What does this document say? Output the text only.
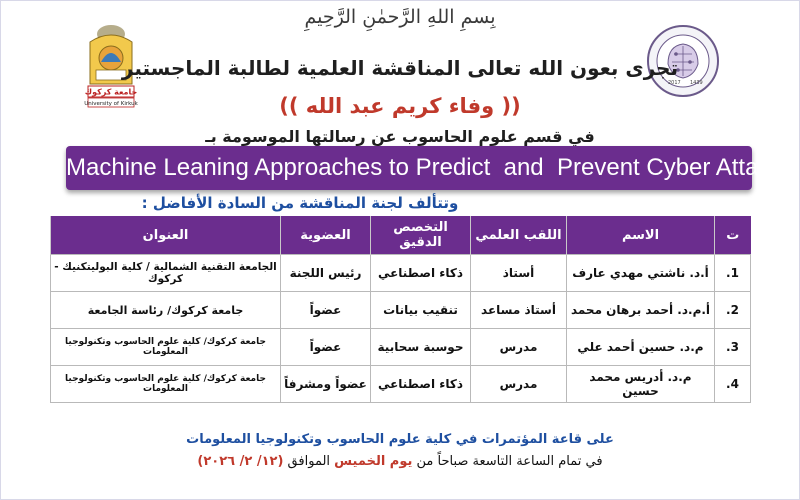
جامعة كركوك
University of Kirkuk
2017 1439
بِسمِ اللهِ الرَّحمٰنِ الرَّحِيمِ
تجرى بعون الله تعالى المناقشة العلمية لطالبة الماجستير
(( وفاء كريم عبد الله ))
في قسم علوم الحاسوب عن رسالتها الموسومة بـ
Machine Leaning Approaches to Predict  and  Prevent Cyber Attacks
وتتألف لجنة المناقشة من السادة الأفاضل :
ت	الاسم	اللقب العلمي	التخصص الدقيق	العضوية	العنوان
1.	أ.د. ناشتي مهدي عارف	أستاذ	ذكاء اصطناعي	رئيس اللجنة	الجامعة التقنية الشمالية / كلية البوليتكنيك - كركوك
2.	أ.م.د. أحمد برهان محمد	أستاذ مساعد	تنقيب بيانات	عضواً	جامعة كركوك/ رئاسة الجامعة
3.	م.د. حسين أحمد علي	مدرس	حوسبة سحابية	عضواً	جامعة كركوك/ كلية علوم الحاسوب وتكنولوجيا المعلومات
4.	م.د. أدريس محمد حسين	مدرس	ذكاء اصطناعي	عضواً ومشرفاً	جامعة كركوك/ كلية علوم الحاسوب وتكنولوجيا المعلومات
على قاعة المؤتمرات في كلية علوم الحاسوب وتكنولوجيا المعلومات
في تمام الساعة التاسعة صباحاً من يوم الخميس الموافق (١٢/ ٢/ ٢٠٢٦)
